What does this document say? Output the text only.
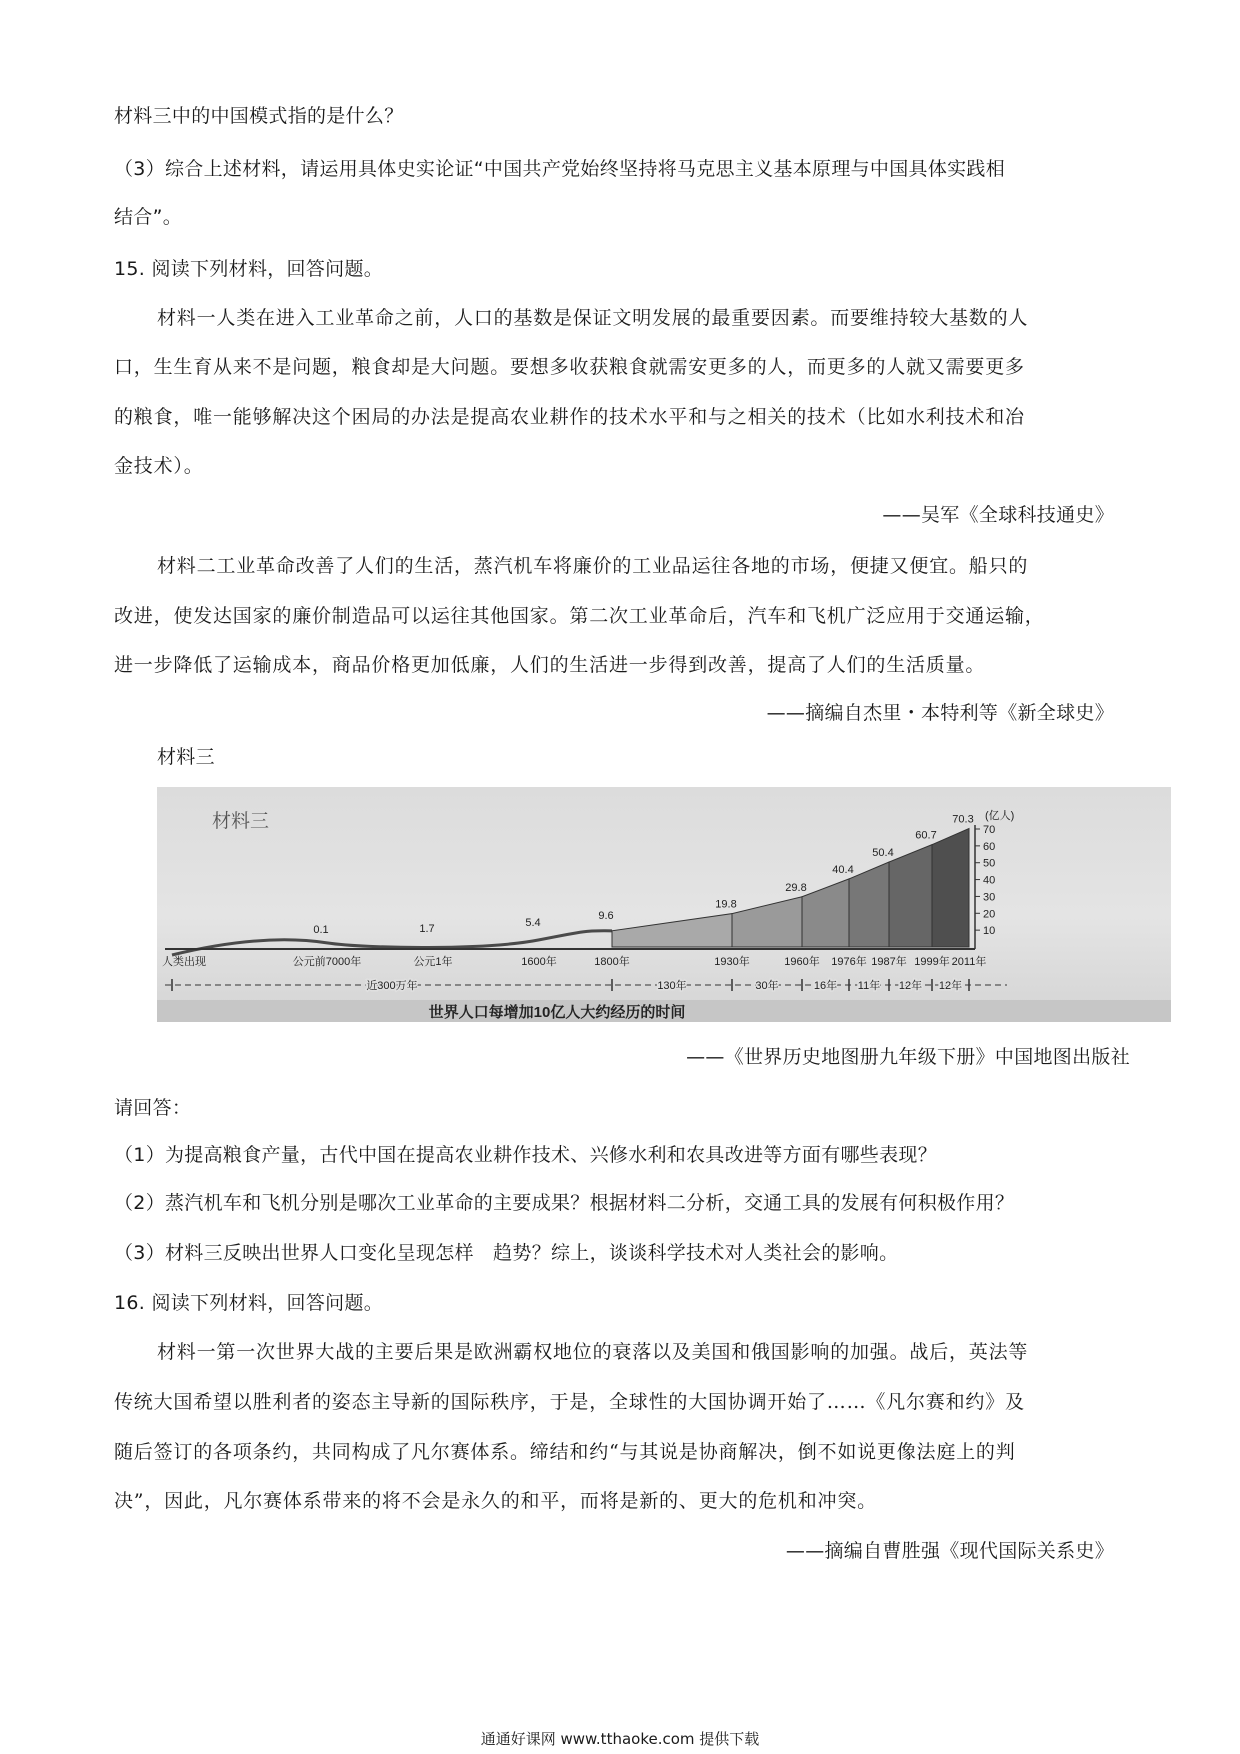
材料三中的中国模式指的是什么？
（3）综合上述材料，请运用具体史实论证“中国共产党始终坚持将马克思主义基本原理与中国具体实践相
结合”。
15. 阅读下列材料，回答问题。
材料一人类在进入工业革命之前，人口的基数是保证文明发展的最重要因素。而要维持较大基数的人
口，生生育从来不是问题，粮食却是大问题。要想多收获粮食就需安更多的人，而更多的人就又需要更多
的粮食，唯一能够解决这个困局的办法是提高农业耕作的技术水平和与之相关的技术（比如水利技术和冶
金技术）。
——吴军《全球科技通史》
材料二工业革命改善了人们的生活，蒸汽机车将廉价的工业品运往各地的市场，便捷又便宜。船只的
改进，使发达国家的廉价制造品可以运往其他国家。第二次工业革命后，汽车和飞机广泛应用于交通运输，
进一步降低了运输成本，商品价格更加低廉，人们的生活进一步得到改善，提高了人们的生活质量。
——摘编自杰里・本特利等《新全球史》
材料三
材料三
0.1	1.7
5.4
9.6
19.8
29.8
40.4
50.4
60.7
70.3 (亿人)
10
20
30
40
50
60
70
人类出现	公元前7000年	公元1年	1600年	1800年	1930年	1960年 1976年 1987年 1999年 2011年
近300万年	130年	30年	16年 11年 12年 12年
世界人口每增加10亿人大约经历的时间
——《世界历史地图册九年级下册》中国地图出版社
请回答：
（1）为提高粮食产量，古代中国在提高农业耕作技术、兴修水利和农具改进等方面有哪些表现？
（2）蒸汽机车和飞机分别是哪次工业革命的主要成果？根据材料二分析，交通工具的发展有何积极作用？
（3）材料三反映出世界人口变化呈现怎样　趋势？综上，谈谈科学技术对人类社会的影响。
16. 阅读下列材料，回答问题。
材料一第一次世界大战的主要后果是欧洲霸权地位的衰落以及美国和俄国影响的加强。战后，英法等
传统大国希望以胜利者的姿态主导新的国际秩序，于是，全球性的大国协调开始了……《凡尔赛和约》及
随后签订的各项条约，共同构成了凡尔赛体系。缔结和约“与其说是协商解决，倒不如说更像法庭上的判
决”，因此，凡尔赛体系带来的将不会是永久的和平，而将是新的、更大的危机和冲突。
——摘编自曹胜强《现代国际关系史》
通通好课网 www.tthaoke.com 提供下载
